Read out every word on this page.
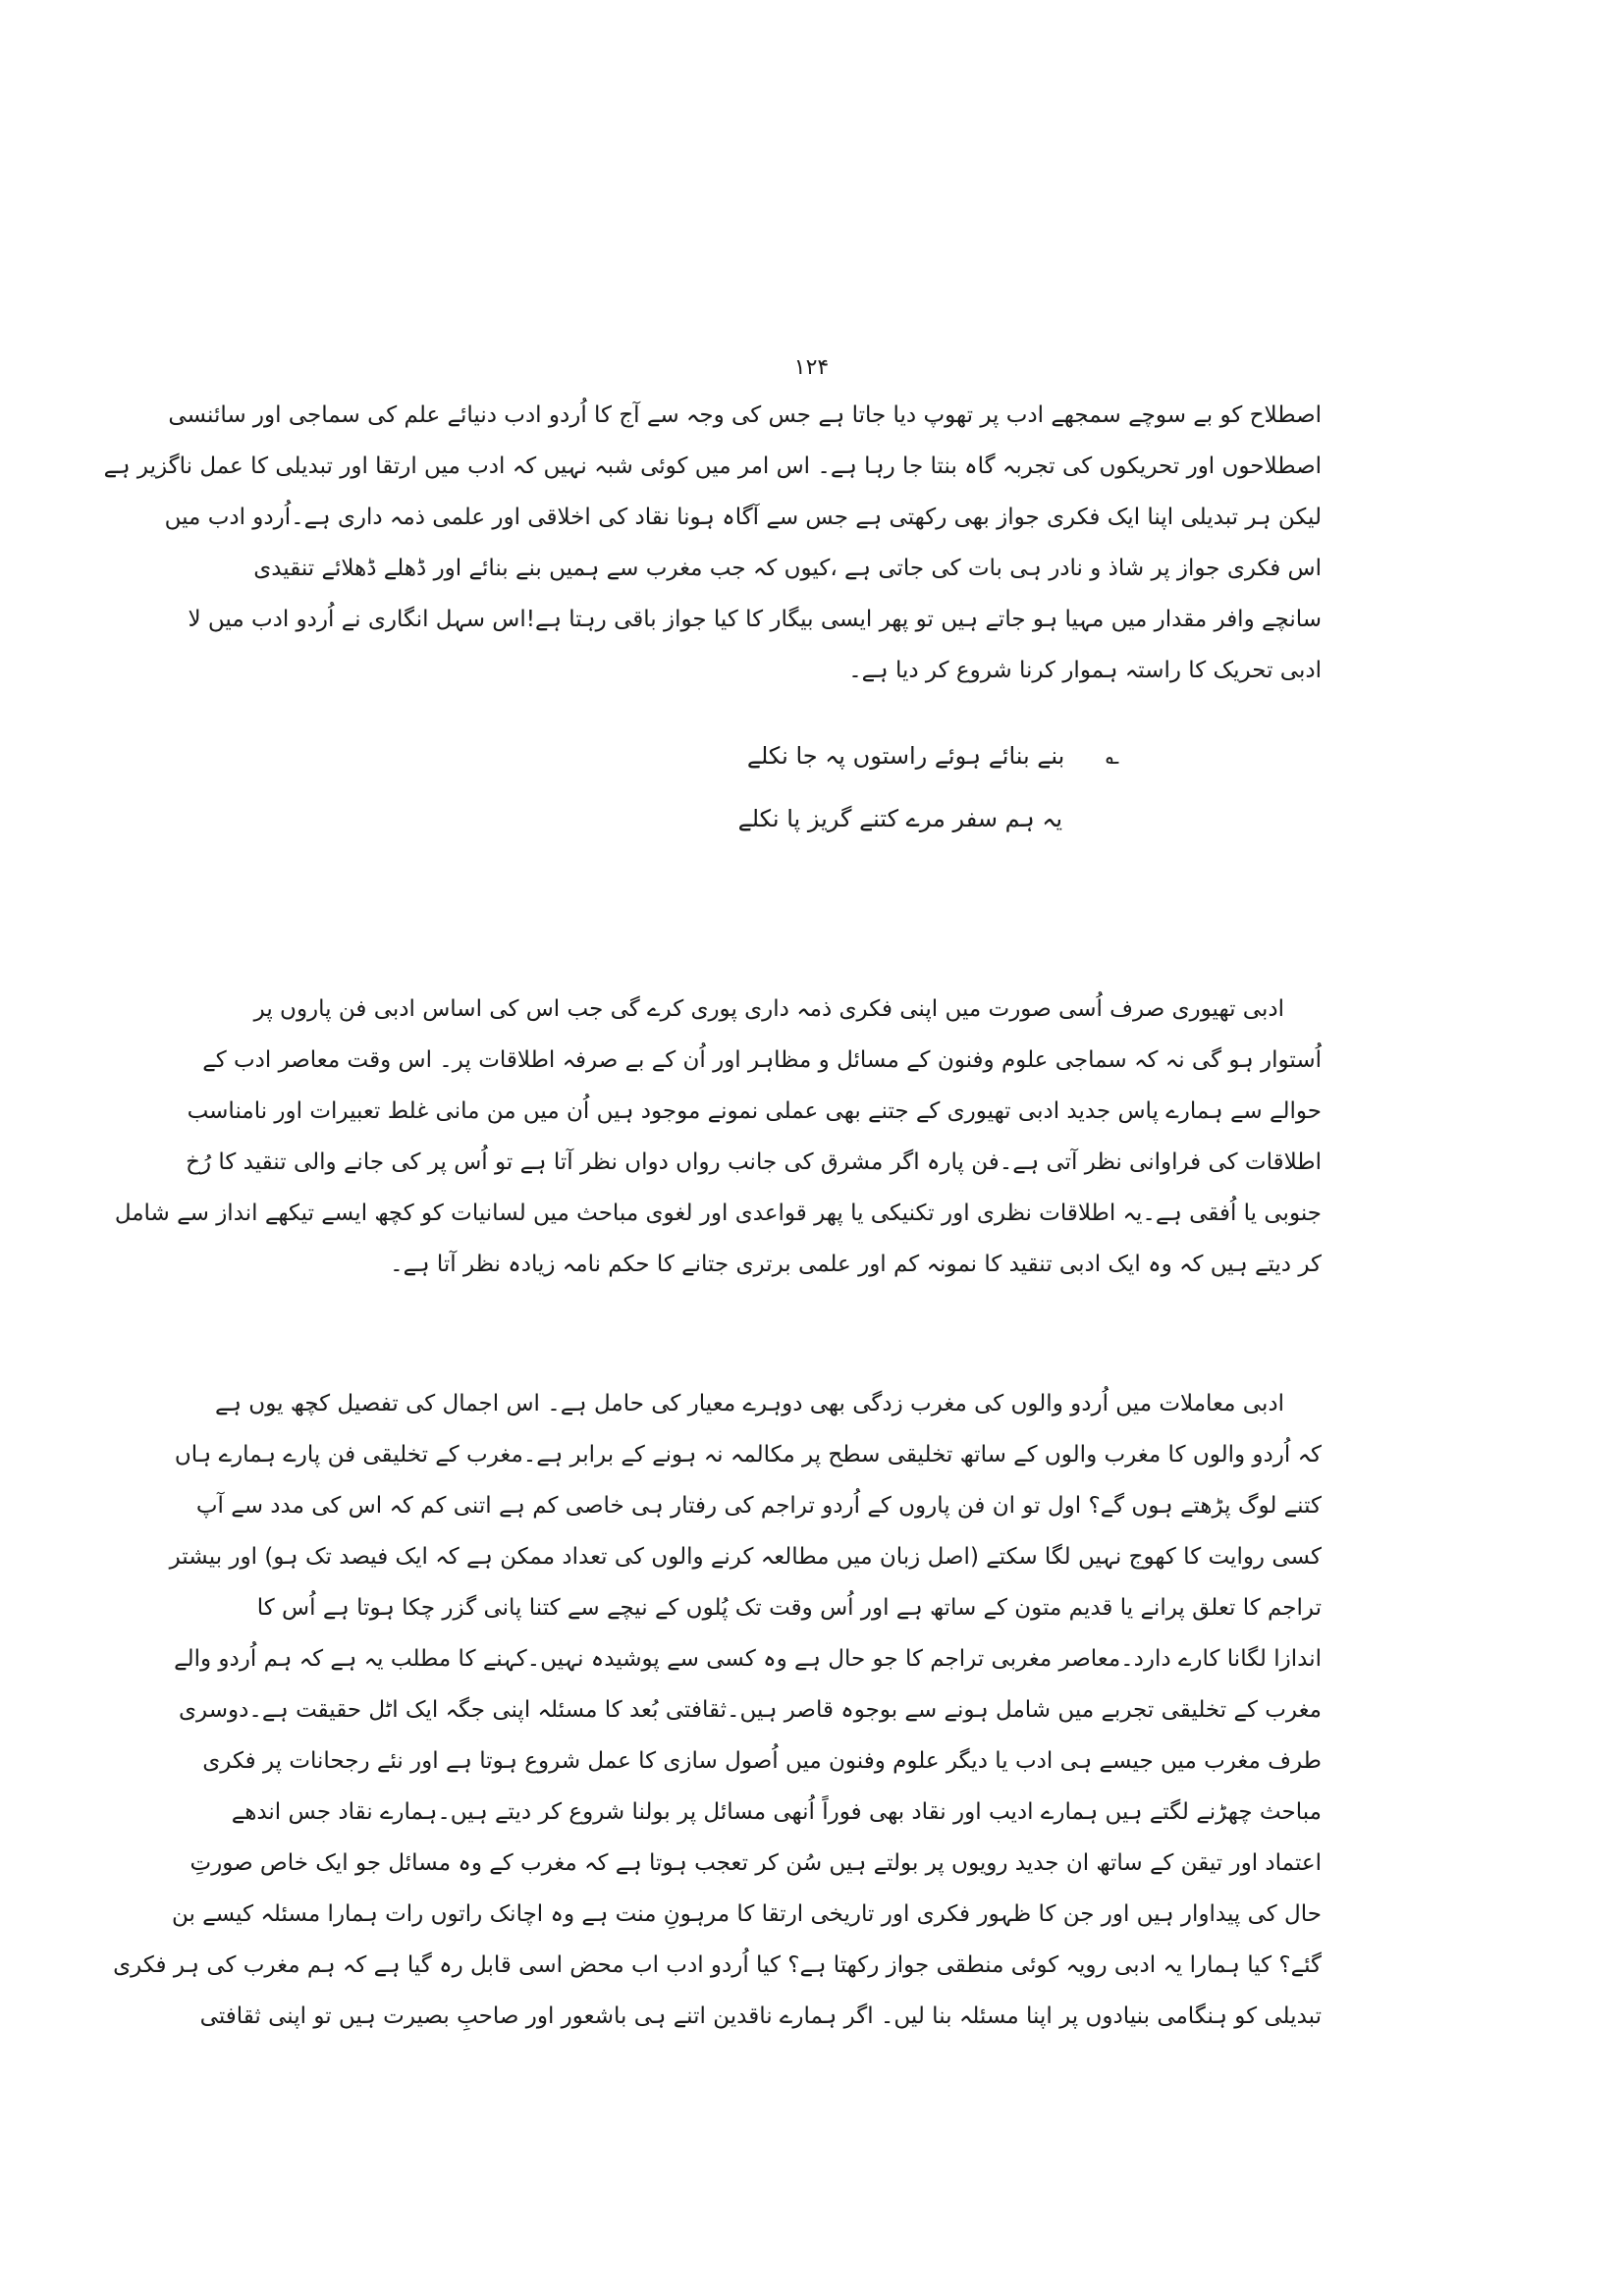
۱۲۴
اصطلاح کو بے سوچے سمجھے ادب پر تھوپ دیا جاتا ہے جس کی وجہ سے آج کا اُردو ادب دنیائے علم کی سماجی اور سائنسی
اصطلاحوں اور تحریکوں کی تجربہ گاہ بنتا جا رہا ہے۔ اس امر میں کوئی شبہ نہیں کہ ادب میں ارتقا اور تبدیلی کا عمل ناگزیر ہے
لیکن ہر تبدیلی اپنا ایک فکری جواز بھی رکھتی ہے جس سے آگاہ ہونا نقاد کی اخلاقی اور علمی ذمہ داری ہے۔اُردو ادب میں
اس فکری جواز پر شاذ و نادر ہی بات کی جاتی ہے ،کیوں کہ جب مغرب سے ہمیں بنے بنائے اور ڈھلے ڈھلائے تنقیدی
سانچے وافر مقدار میں مہیا ہو جاتے ہیں تو پھر ایسی بیگار کا کیا جواز باقی رہتا ہے!اس سہل انگاری نے اُردو ادب میں لا
ادبی تحریک کا راستہ ہموار کرنا شروع کر دیا ہے۔
؎ بنے بنائے ہوئے راستوں پہ جا نکلے
یہ ہم سفر مرے کتنے گریز پا نکلے
ادبی تھیوری صرف اُسی صورت میں اپنی فکری ذمہ داری پوری کرے گی جب اس کی اساس ادبی فن پاروں پر
اُستوار ہو گی نہ کہ سماجی علوم وفنون کے مسائل و مظاہر اور اُن کے بے صرفہ اطلاقات پر۔ اس وقت معاصر ادب کے
حوالے سے ہمارے پاس جدید ادبی تھیوری کے جتنے بھی عملی نمونے موجود ہیں اُن میں من مانی غلط تعبیرات اور نامناسب
اطلاقات کی فراوانی نظر آتی ہے۔فن پارہ اگر مشرق کی جانب رواں دواں نظر آتا ہے تو اُس پر کی جانے والی تنقید کا رُخ
جنوبی یا اُفقی ہے۔یہ اطلاقات نظری اور تکنیکی یا پھر قواعدی اور لغوی مباحث میں لسانیات کو کچھ ایسے تیکھے انداز سے شامل
کر دیتے ہیں کہ وہ ایک ادبی تنقید کا نمونہ کم اور علمی برتری جتانے کا حکم نامہ زیادہ نظر آتا ہے۔
ادبی معاملات میں اُردو والوں کی مغرب زدگی بھی دوہرے معیار کی حامل ہے۔ اس اجمال کی تفصیل کچھ یوں ہے
کہ اُردو والوں کا مغرب والوں کے ساتھ تخلیقی سطح پر مکالمہ نہ ہونے کے برابر ہے۔مغرب کے تخلیقی فن پارے ہمارے ہاں
کتنے لوگ پڑھتے ہوں گے؟ اول تو ان فن پاروں کے اُردو تراجم کی رفتار ہی خاصی کم ہے اتنی کم کہ اس کی مدد سے آپ
کسی روایت کا کھوج نہیں لگا سکتے (اصل زبان میں مطالعہ کرنے والوں کی تعداد ممکن ہے کہ ایک فیصد تک ہو) اور بیشتر
تراجم کا تعلق پرانے یا قدیم متون کے ساتھ ہے اور اُس وقت تک پُلوں کے نیچے سے کتنا پانی گزر چکا ہوتا ہے اُس کا
اندازا لگانا کارے دارد۔معاصر مغربی تراجم کا جو حال ہے وہ کسی سے پوشیدہ نہیں۔کہنے کا مطلب یہ ہے کہ ہم اُردو والے
مغرب کے تخلیقی تجربے میں شامل ہونے سے بوجوہ قاصر ہیں۔ثقافتی بُعد کا مسئلہ اپنی جگہ ایک اٹل حقیقت ہے۔دوسری
طرف مغرب میں جیسے ہی ادب یا دیگر علوم وفنون میں اُصول سازی کا عمل شروع ہوتا ہے اور نئے رجحانات پر فکری
مباحث چھڑنے لگتے ہیں ہمارے ادیب اور نقاد بھی فوراً اُنھی مسائل پر بولنا شروع کر دیتے ہیں۔ہمارے نقاد جس اندھے
اعتماد اور تیقن کے ساتھ ان جدید رویوں پر بولتے ہیں سُن کر تعجب ہوتا ہے کہ مغرب کے وہ مسائل جو ایک خاص صورتِ
حال کی پیداوار ہیں اور جن کا ظہور فکری اور تاریخی ارتقا کا مرہونِ منت ہے وہ اچانک راتوں رات ہمارا مسئلہ کیسے بن
گئے؟ کیا ہمارا یہ ادبی رویہ کوئی منطقی جواز رکھتا ہے؟ کیا اُردو ادب اب محض اسی قابل رہ گیا ہے کہ ہم مغرب کی ہر فکری
تبدیلی کو ہنگامی بنیادوں پر اپنا مسئلہ بنا لیں۔ اگر ہمارے ناقدین اتنے ہی باشعور اور صاحبِ بصیرت ہیں تو اپنی ثقافتی
